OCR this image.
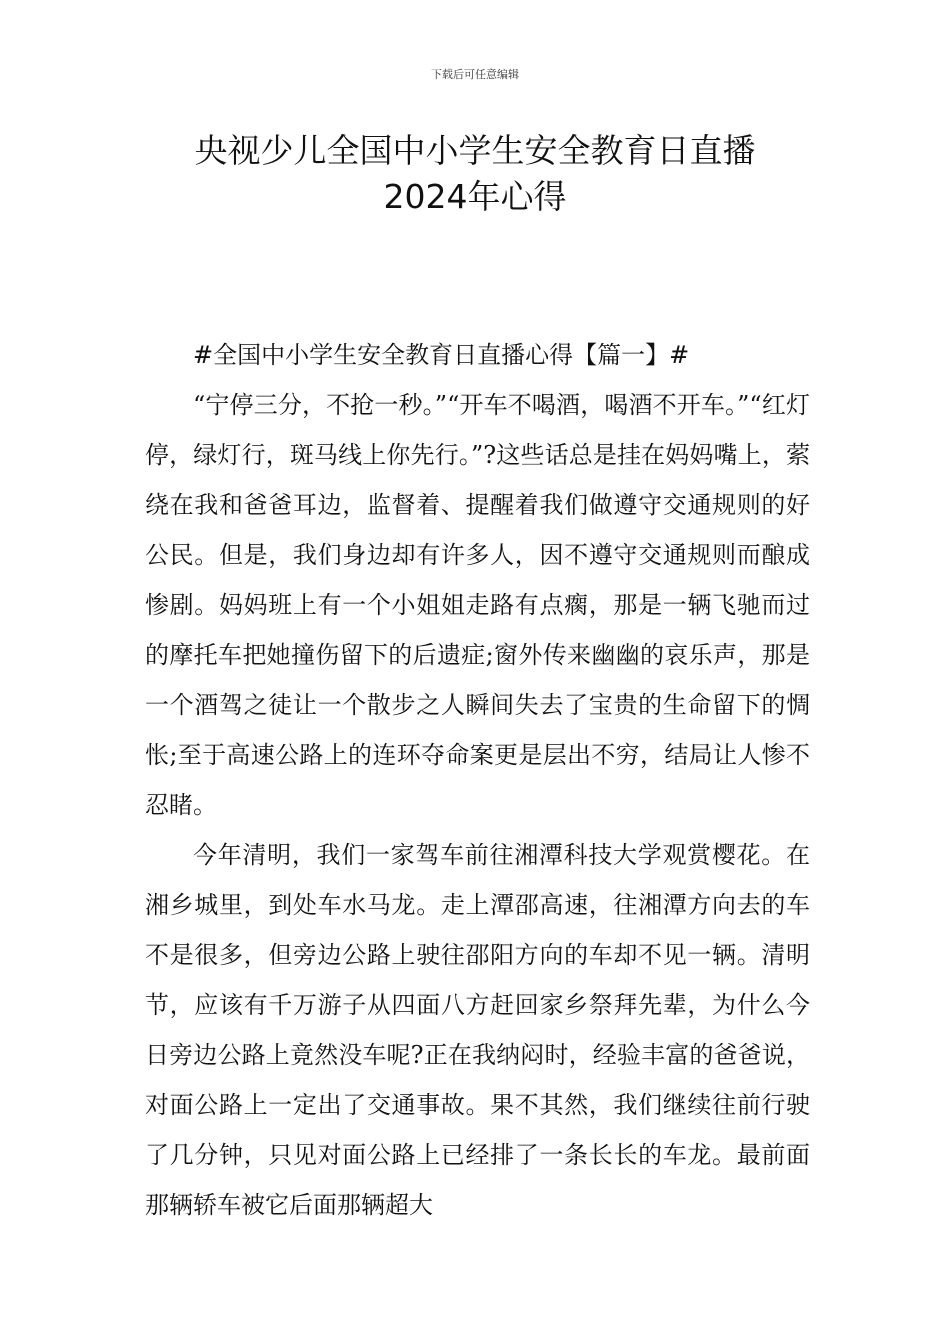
下载后可任意编辑
央视少儿全国中小学生安全教育日直播
2024年心得

#全国中小学生安全教育日直播心得【篇一】#

“宁停三分，不抢一秒。”“开车不喝酒，喝酒不开车。”“红灯停，绿灯行，斑马线上你先行。”?这些话总是挂在妈妈嘴上，萦绕在我和爸爸耳边，监督着、提醒着我们做遵守交通规则的好公民。但是，我们身边却有许多人，因不遵守交通规则而酿成惨剧。妈妈班上有一个小姐姐走路有点瘸，那是一辆飞驰而过的摩托车把她撞伤留下的后遗症;窗外传来幽幽的哀乐声，那是一个酒驾之徒让一个散步之人瞬间失去了宝贵的生命留下的惆怅;至于高速公路上的连环夺命案更是层出不穷，结局让人惨不忍睹。

今年清明，我们一家驾车前往湘潭科技大学观赏樱花。在湘乡城里，到处车水马龙。走上潭邵高速，往湘潭方向去的车不是很多，但旁边公路上驶往邵阳方向的车却不见一辆。清明节，应该有千万游子从四面八方赶回家乡祭拜先辈，为什么今日旁边公路上竟然没车呢?正在我纳闷时，经验丰富的爸爸说，对面公路上一定出了交通事故。果不其然，我们继续往前行驶了几分钟，只见对面公路上已经排了一条长长的车龙。最前面那辆轿车被它后面那辆超大
